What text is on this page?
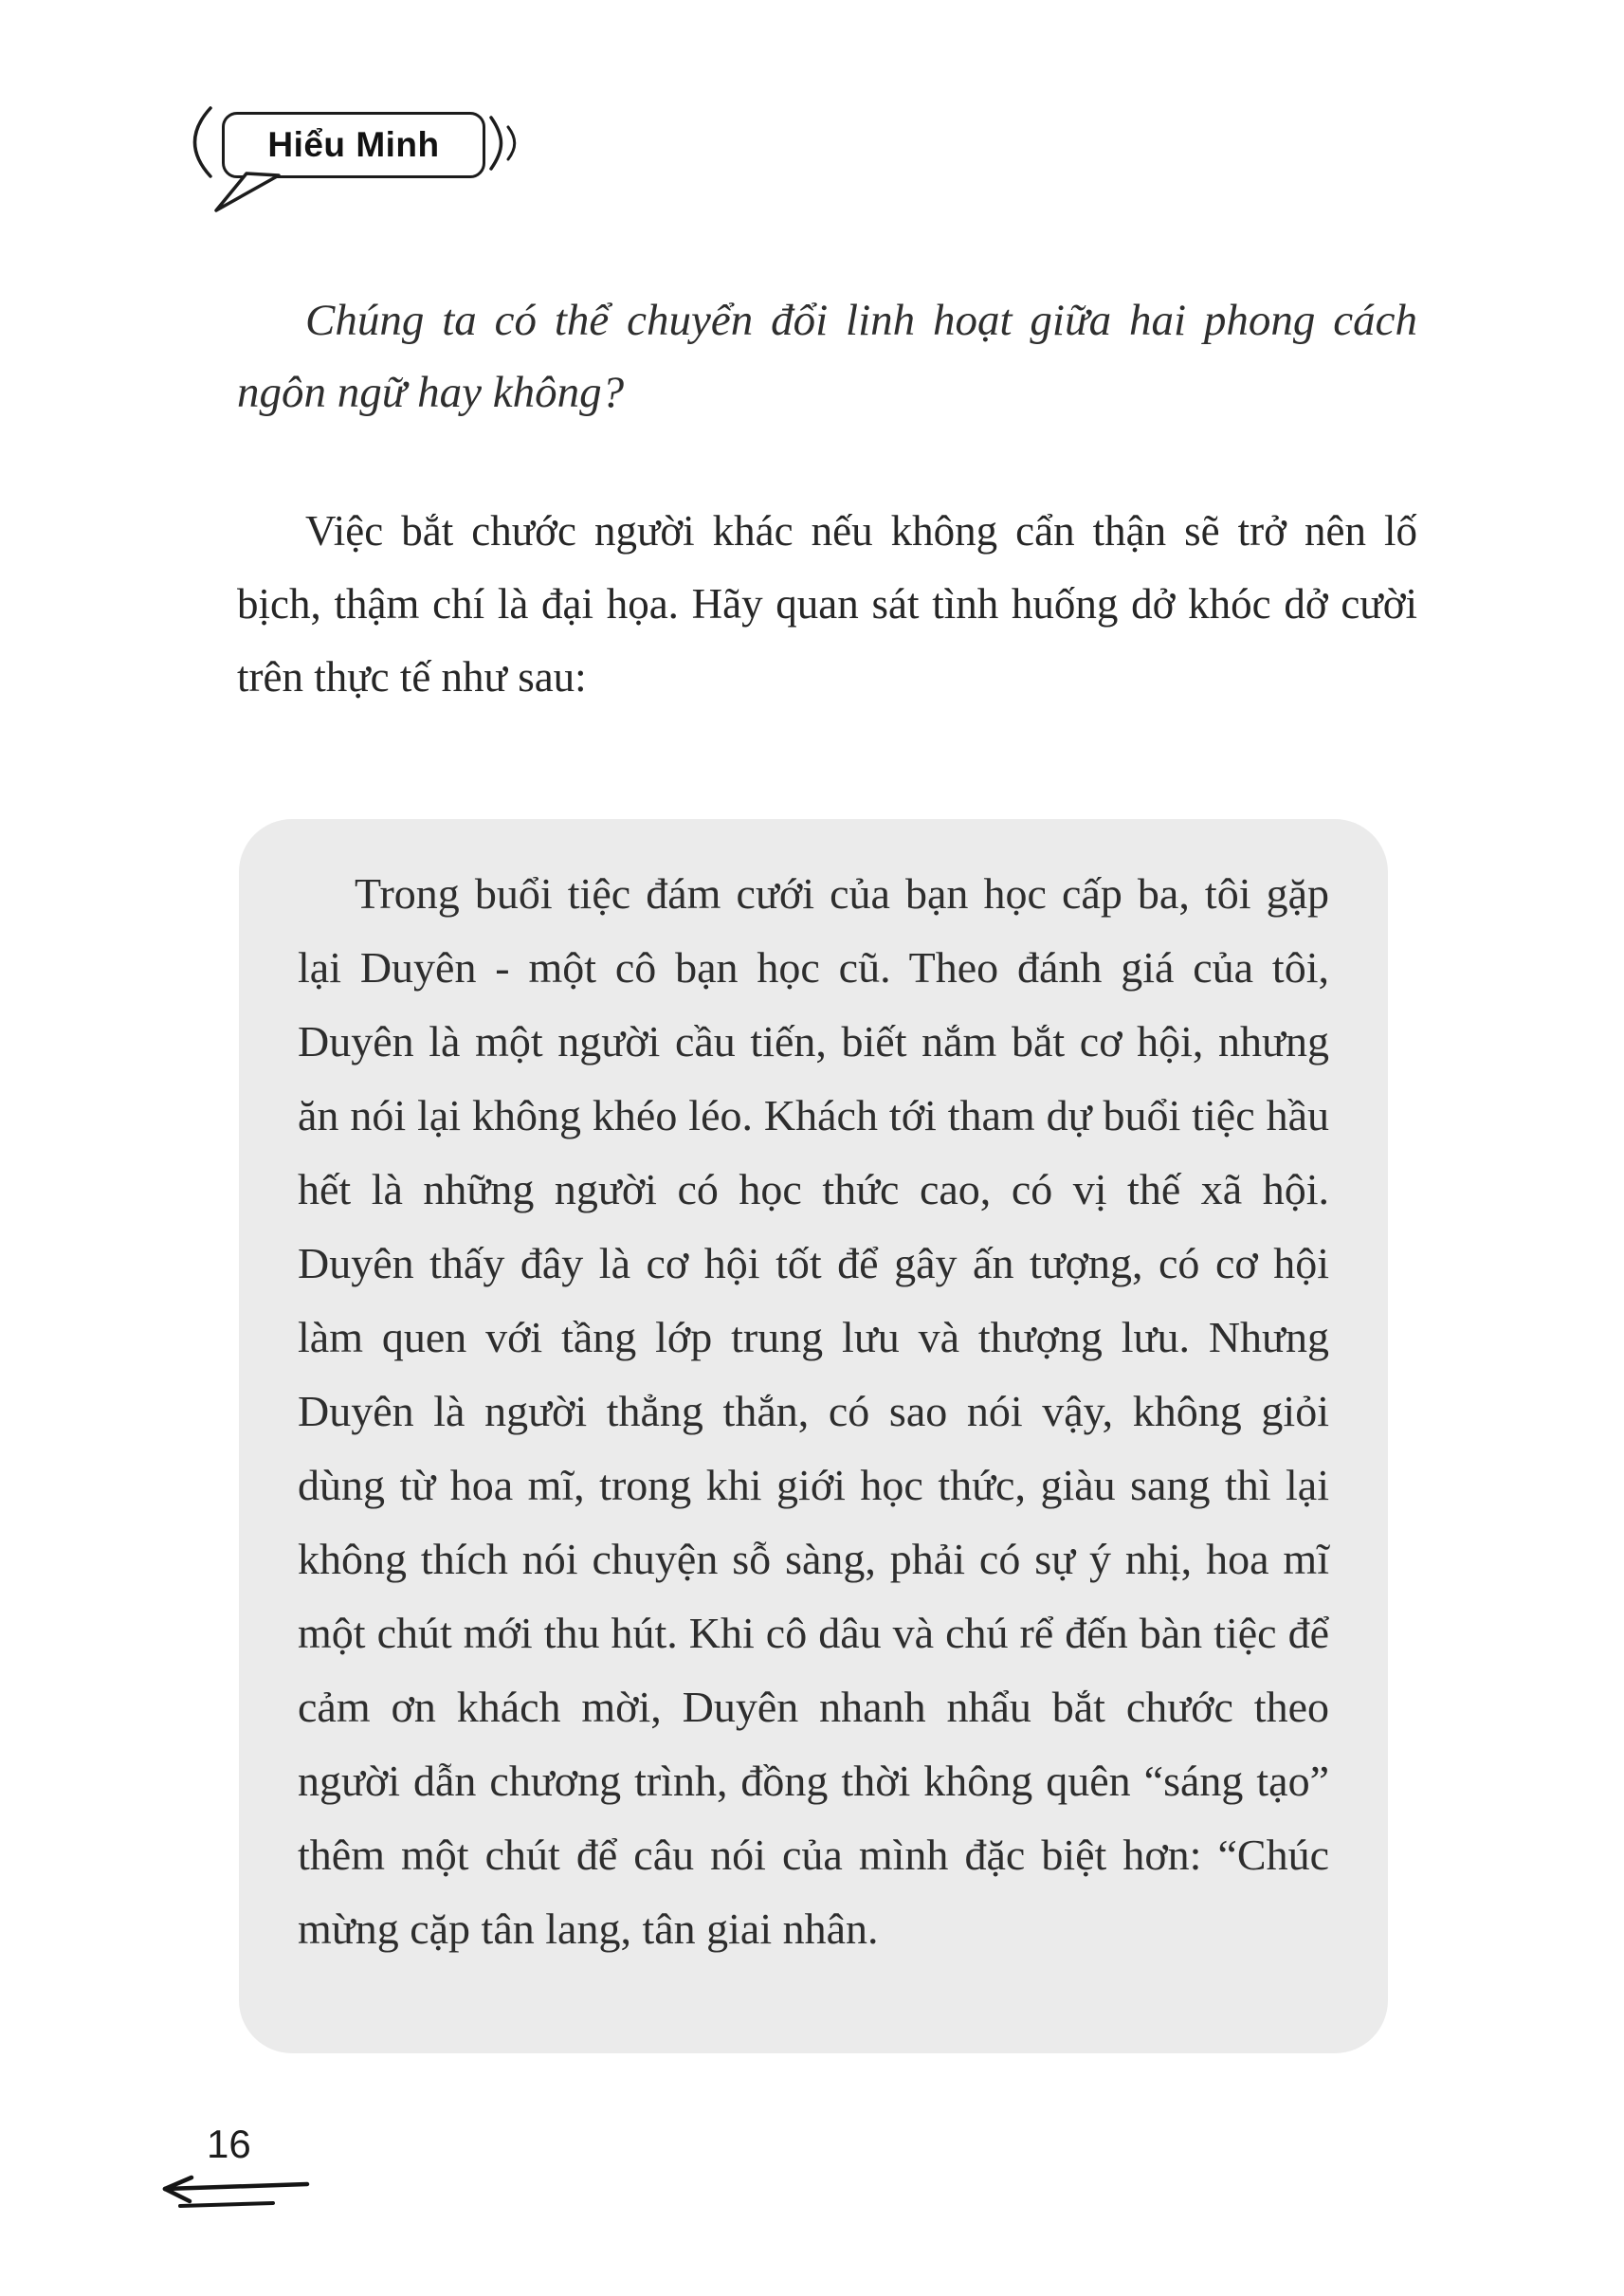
Hiểu Minh

Chúng ta có thể chuyển đổi linh hoạt giữa hai phong cách ngôn ngữ hay không?

Việc bắt chước người khác nếu không cẩn thận sẽ trở nên lố bịch, thậm chí là đại họa. Hãy quan sát tình huống dở khóc dở cười trên thực tế như sau:

Trong buổi tiệc đám cưới của bạn học cấp ba, tôi gặp lại Duyên - một cô bạn học cũ. Theo đánh giá của tôi, Duyên là một người cầu tiến, biết nắm bắt cơ hội, nhưng ăn nói lại không khéo léo. Khách tới tham dự buổi tiệc hầu hết là những người có học thức cao, có vị thế xã hội. Duyên thấy đây là cơ hội tốt để gây ấn tượng, có cơ hội làm quen với tầng lớp trung lưu và thượng lưu. Nhưng Duyên là người thẳng thắn, có sao nói vậy, không giỏi dùng từ hoa mĩ, trong khi giới học thức, giàu sang thì lại không thích nói chuyện sỗ sàng, phải có sự ý nhị, hoa mĩ một chút mới thu hút. Khi cô dâu và chú rể đến bàn tiệc để cảm ơn khách mời, Duyên nhanh nhẩu bắt chước theo người dẫn chương trình, đồng thời không quên “sáng tạo” thêm một chút để câu nói của mình đặc biệt hơn: “Chúc mừng cặp tân lang, tân giai nhân.

16
